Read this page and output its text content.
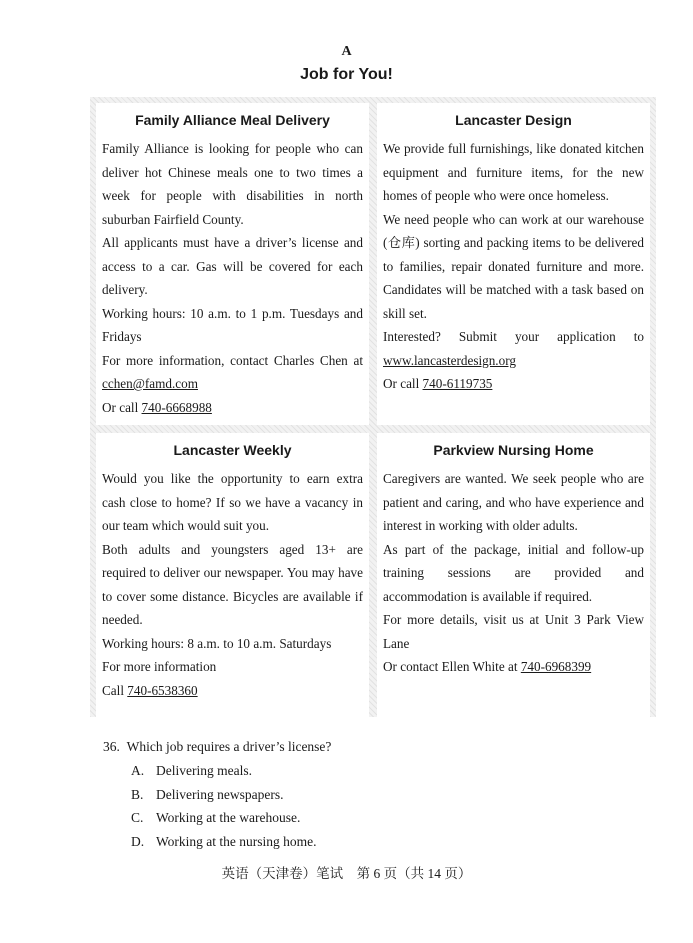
A
Job for You!
Family Alliance Meal Delivery

Family Alliance is looking for people who can deliver hot Chinese meals one to two times a week for people with disabilities in north suburban Fairfield County.

All applicants must have a driver’s license and access to a car. Gas will be covered for each delivery.

Working hours: 10 a.m. to 1 p.m. Tuesdays and Fridays

For more information, contact Charles Chen at cchen@famd.com

Or call 740-6668988

Lancaster Design

We provide full furnishings, like donated kitchen equipment and furniture items, for the new homes of people who were once homeless.

We need people who can work at our warehouse (仓库) sorting and packing items to be delivered to families, repair donated furniture and more. Candidates will be matched with a task based on skill set.

Interested? Submit your application to www.lancasterdesign.org

Or call 740-6119735

Lancaster Weekly

Would you like the opportunity to earn extra cash close to home? If so we have a vacancy in our team which would suit you.

Both adults and youngsters aged 13+ are required to deliver our newspaper. You may have to cover some distance. Bicycles are available if needed.

Working hours: 8 a.m. to 10 a.m. Saturdays

For more information

Call 740-6538360

Parkview Nursing Home

Caregivers are wanted. We seek people who are patient and caring, and who have experience and interest in working with older adults.

As part of the package, initial and follow-up training sessions are provided and accommodation is available if required.

For more details, visit us at Unit 3 Park View Lane

Or contact Ellen White at 740-6968399

36. Which job requires a driver’s license?
A. Delivering meals.
B. Delivering newspapers.
C. Working at the warehouse.
D. Working at the nursing home.
英语（天津卷）笔试　第 6 页（共 14 页）
